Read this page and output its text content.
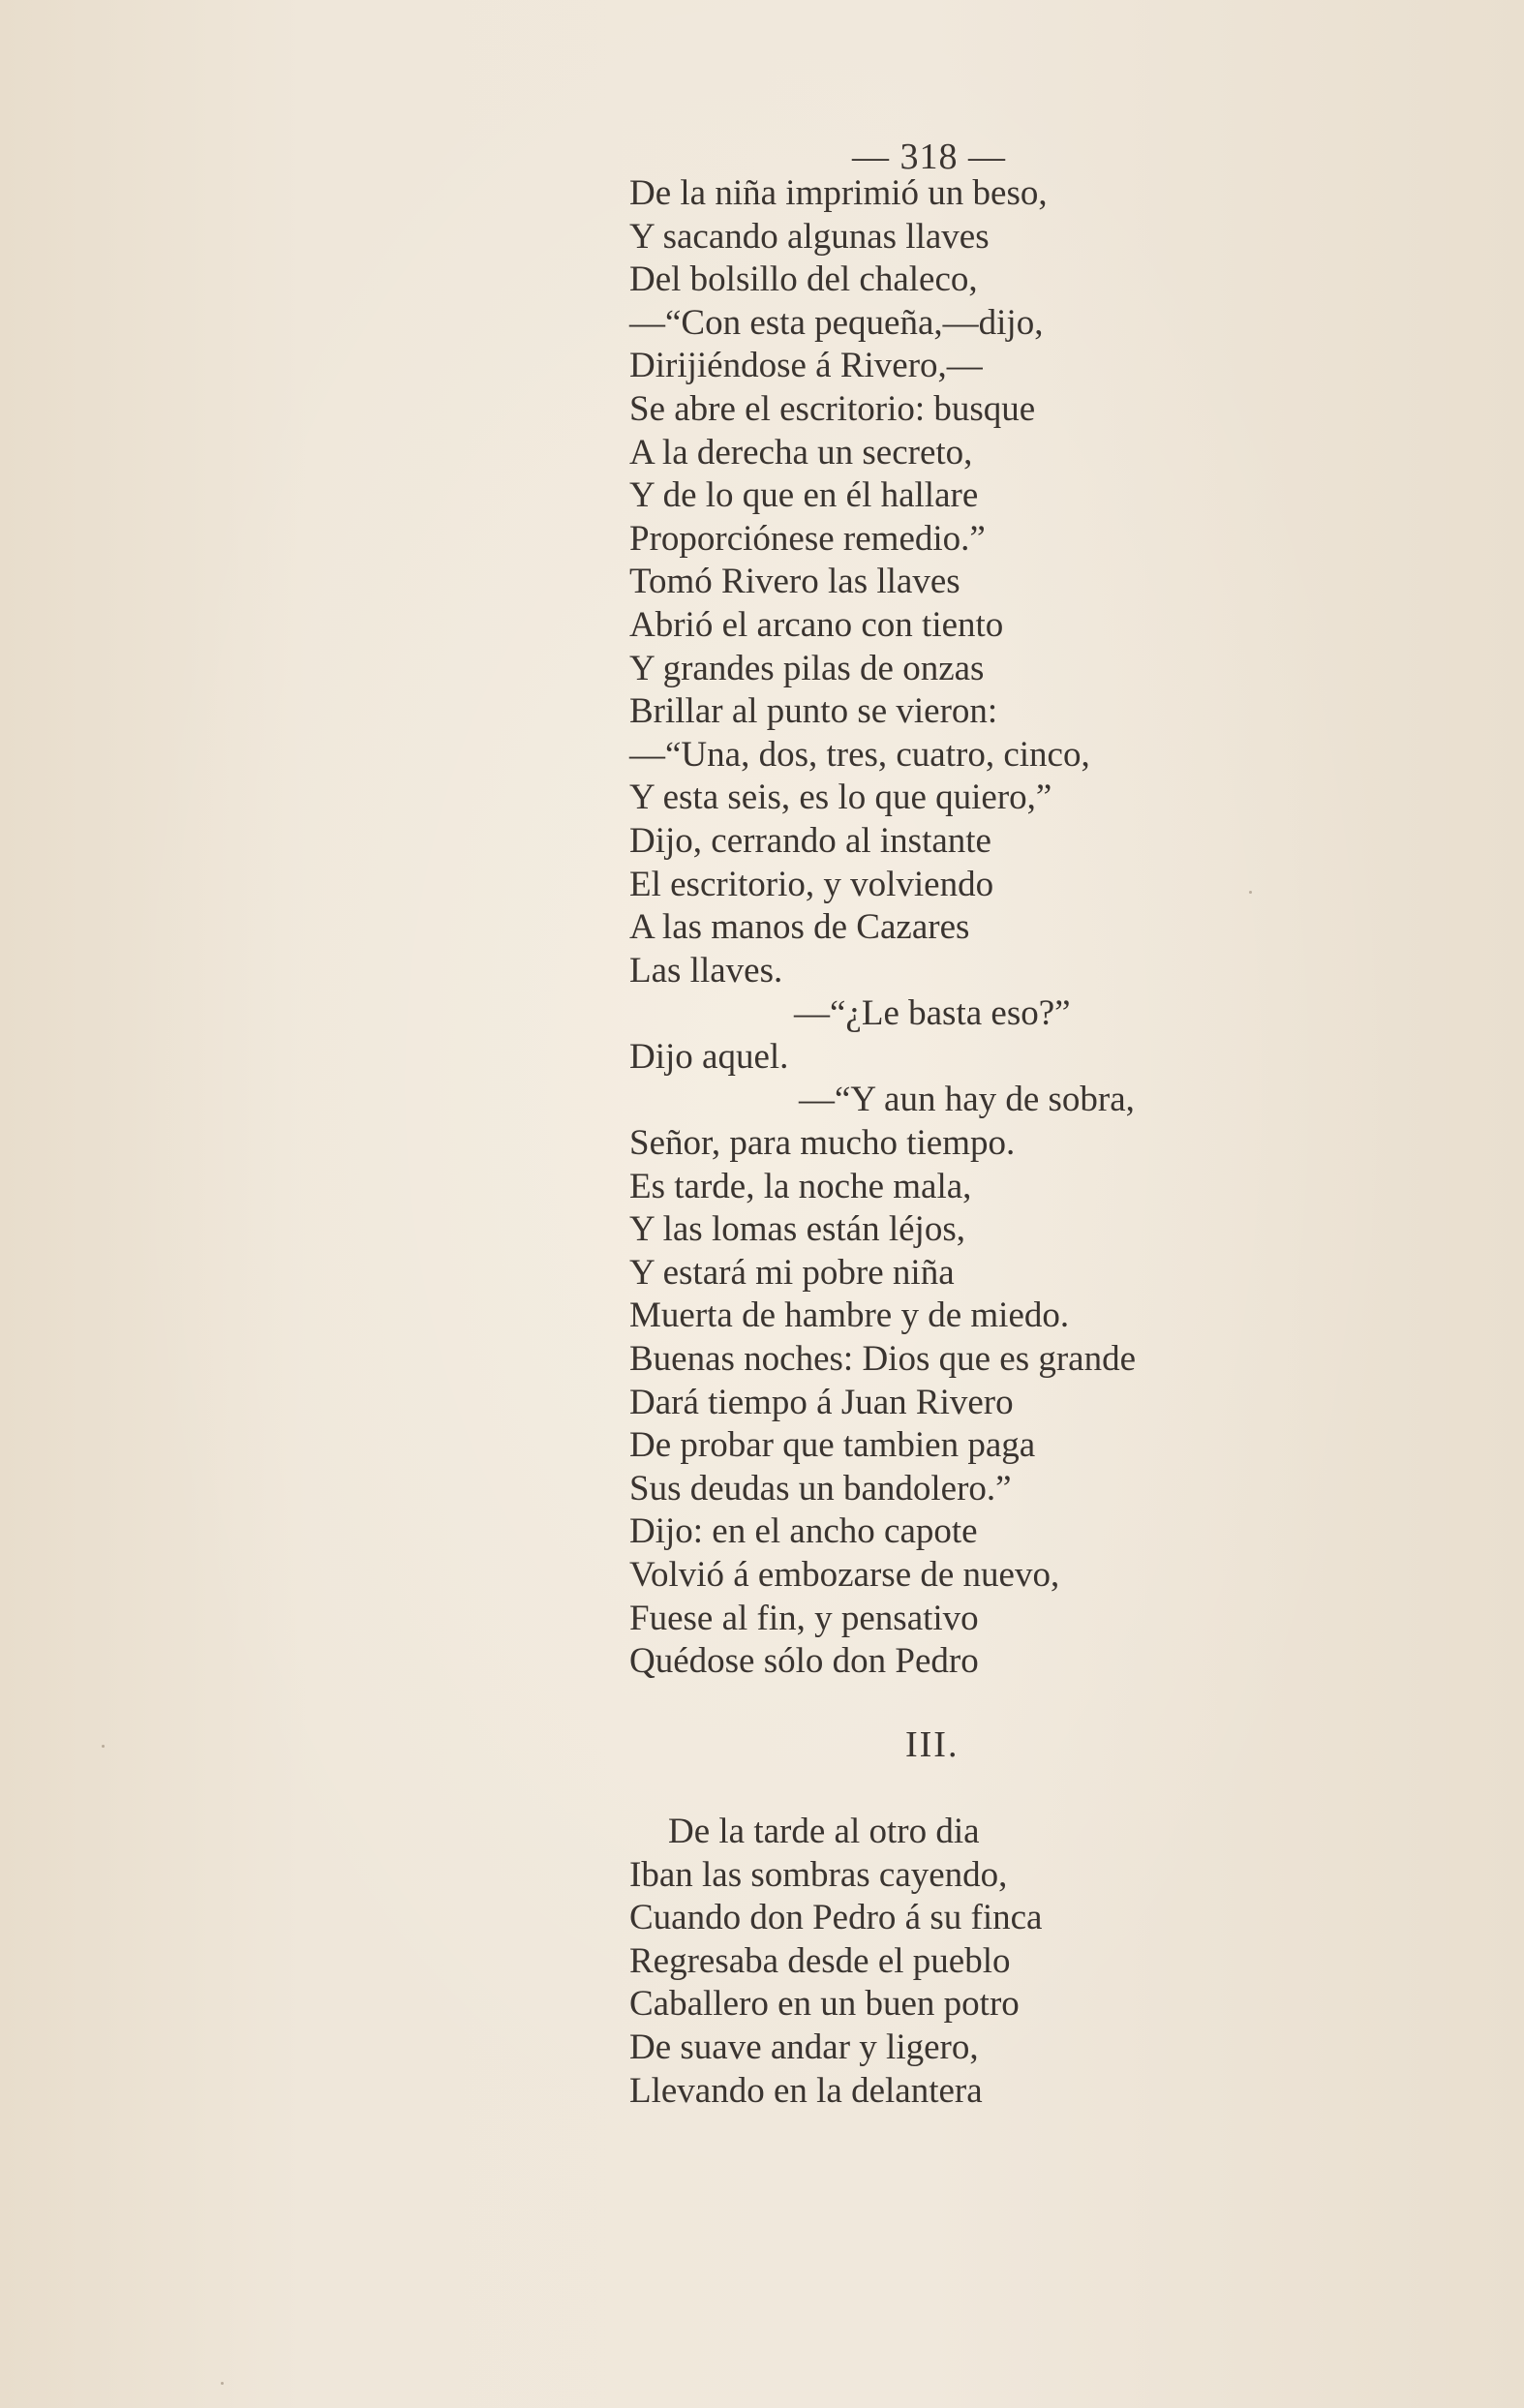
— 318 —
De la niña imprimió un beso,
Y sacando algunas llaves
Del bolsillo del chaleco,
—“Con esta pequeña,—dijo,
Dirijiéndose á Rivero,—
Se abre el escritorio: busque
A la derecha un secreto,
Y de lo que en él hallare
Proporciónese remedio.”
Tomó Rivero las llaves
Abrió el arcano con tiento
Y grandes pilas de onzas
Brillar al punto se vieron:
—“Una, dos, tres, cuatro, cinco,
Y esta seis, es lo que quiero,”
Dijo, cerrando al instante
El escritorio, y volviendo
A las manos de Cazares
Las llaves.
—“¿Le basta eso?”
Dijo aquel.
—“Y aun hay de sobra,
Señor, para mucho tiempo.
Es tarde, la noche mala,
Y las lomas están léjos,
Y estará mi pobre niña
Muerta de hambre y de miedo.
Buenas noches: Dios que es grande
Dará tiempo á Juan Rivero
De probar que tambien paga
Sus deudas un bandolero.”
Dijo: en el ancho capote
Volvió á embozarse de nuevo,
Fuese al fin, y pensativo
Quédose sólo don Pedro
III.
De la tarde al otro dia
Iban las sombras cayendo,
Cuando don Pedro á su finca
Regresaba desde el pueblo
Caballero en un buen potro
De suave andar y ligero,
Llevando en la delantera
